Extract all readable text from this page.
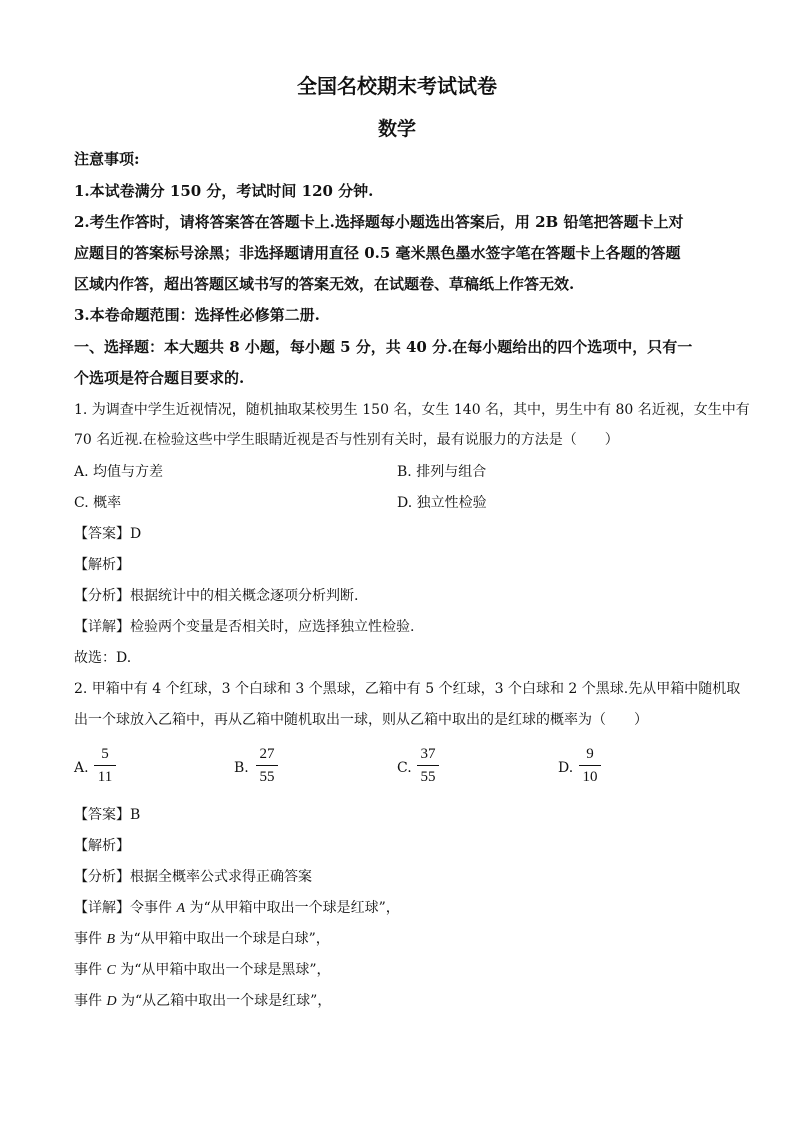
全国名校期末考试试卷
数学
注意事项:
1.本试卷满分 150 分，考试时间 120 分钟.
2.考生作答时，请将答案答在答题卡上.选择题每小题选出答案后，用 2B 铅笔把答题卡上对
应题目的答案标号涂黑；非选择题请用直径 0.5 毫米黑色墨水签字笔在答题卡上各题的答题
区域内作答，超出答题区域书写的答案无效，在试题卷、草稿纸上作答无效.
3.本卷命题范围：选择性必修第二册.
一、选择题：本大题共 8 小题，每小题 5 分，共 40 分.在每小题给出的四个选项中，只有一
个选项是符合题目要求的.
1. 为调查中学生近视情况，随机抽取某校男生 150 名，女生 140 名，其中，男生中有 80 名近视，女生中有
70 名近视.在检验这些中学生眼睛近视是否与性别有关时，最有说服力的方法是（　　）
A. 均值与方差	B. 排列与组合
C. 概率	D. 独立性检验
【答案】D
【解析】
【分析】根据统计中的相关概念逐项分析判断.
【详解】检验两个变量是否相关时，应选择独立性检验.
故选：D.
2. 甲箱中有 4 个红球，3 个白球和 3 个黑球，乙箱中有 5 个红球，3 个白球和 2 个黑球.先从甲箱中随机取
出一个球放入乙箱中，再从乙箱中随机取出一球，则从乙箱中取出的是红球的概率为（　　）
A.
5
11
B.
27
55
C.
37
55
D.
9
10
【答案】B
【解析】
【分析】根据全概率公式求得正确答案
【详解】令事件 A 为“从甲箱中取出一个球是红球”，
事件 B 为“从甲箱中取出一个球是白球”，
事件 C 为“从甲箱中取出一个球是黑球”，
事件 D 为“从乙箱中取出一个球是红球”，
